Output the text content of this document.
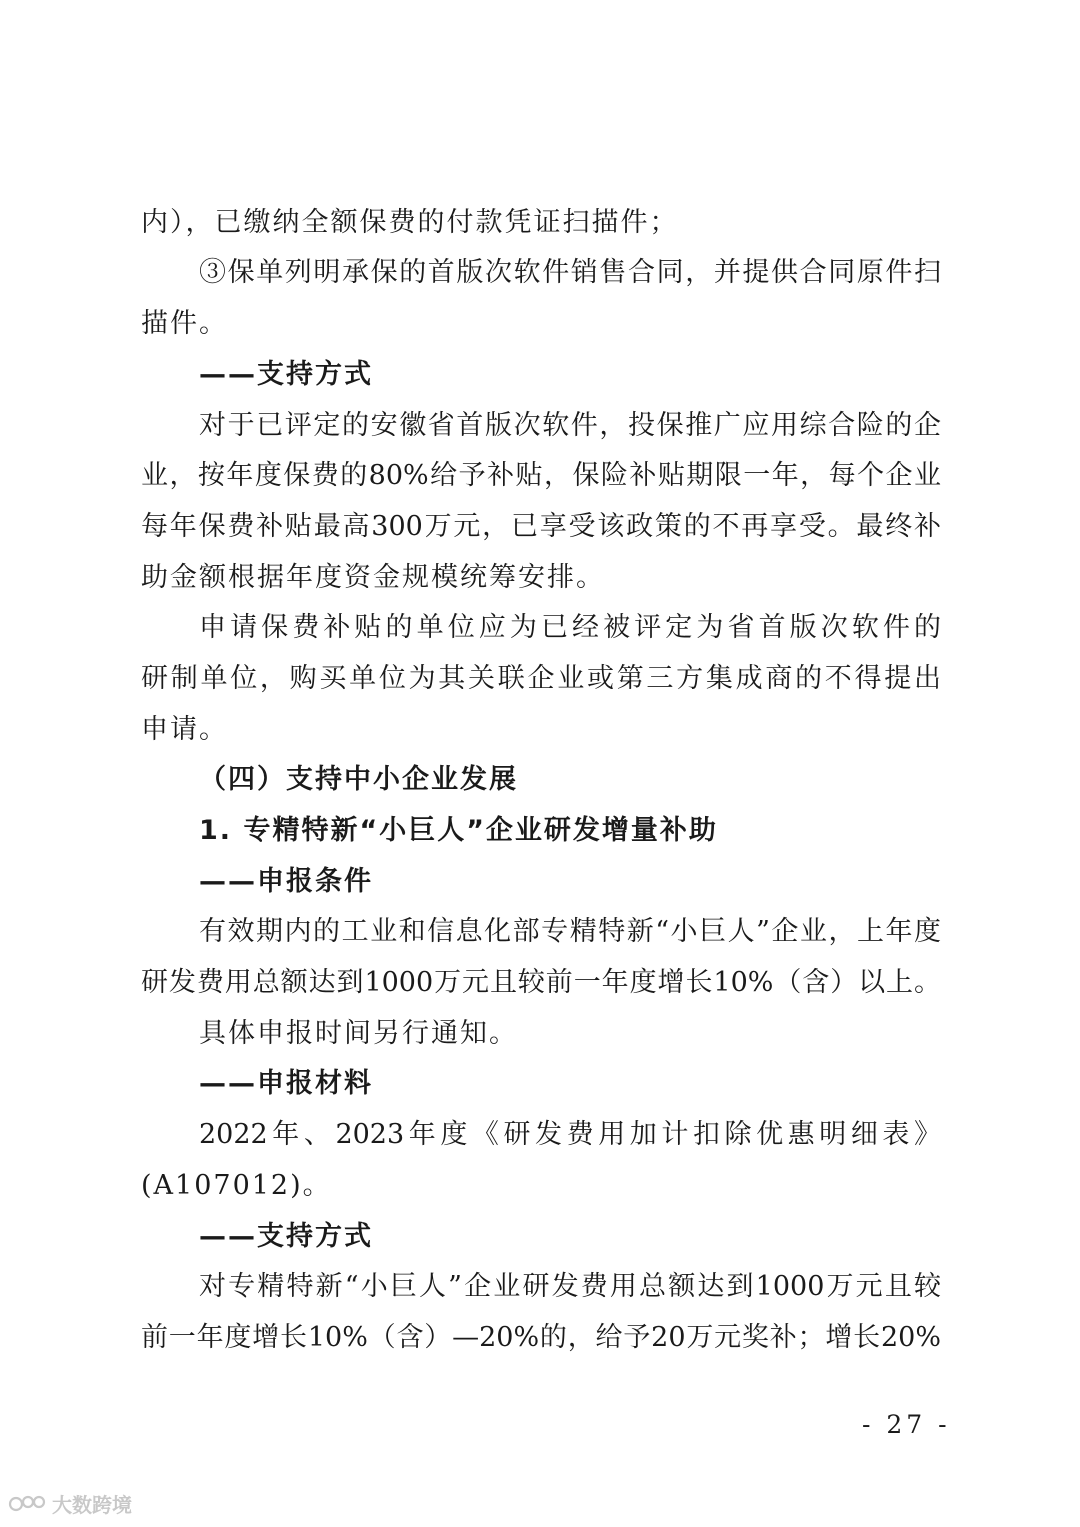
内），已缴纳全额保费的付款凭证扫描件；
③保单列明承保的首版次软件销售合同，并提供合同原件扫
描件。
——支持方式
对于已评定的安徽省首版次软件，投保推广应用综合险的企
业，按年度保费的80%给予补贴，保险补贴期限一年，每个企业
每年保费补贴最高300万元，已享受该政策的不再享受。最终补
助金额根据年度资金规模统筹安排。
申请保费补贴的单位应为已经被评定为省首版次软件的
研制单位，购买单位为其关联企业或第三方集成商的不得提出
申请。
（四）支持中小企业发展
1. 专精特新“小巨人”企业研发增量补助
——申报条件
有效期内的工业和信息化部专精特新“小巨人”企业，上年度
研发费用总额达到1000万元且较前一年度增长10%（含）以上。
具体申报时间另行通知。
——申报材料
2022年、2023年度《研发费用加计扣除优惠明细表》
(A107012)。
——支持方式
对专精特新“小巨人”企业研发费用总额达到1000万元且较
前一年度增长10%（含）—20%的，给予20万元奖补；增长20%
- 27 -
大数跨境
